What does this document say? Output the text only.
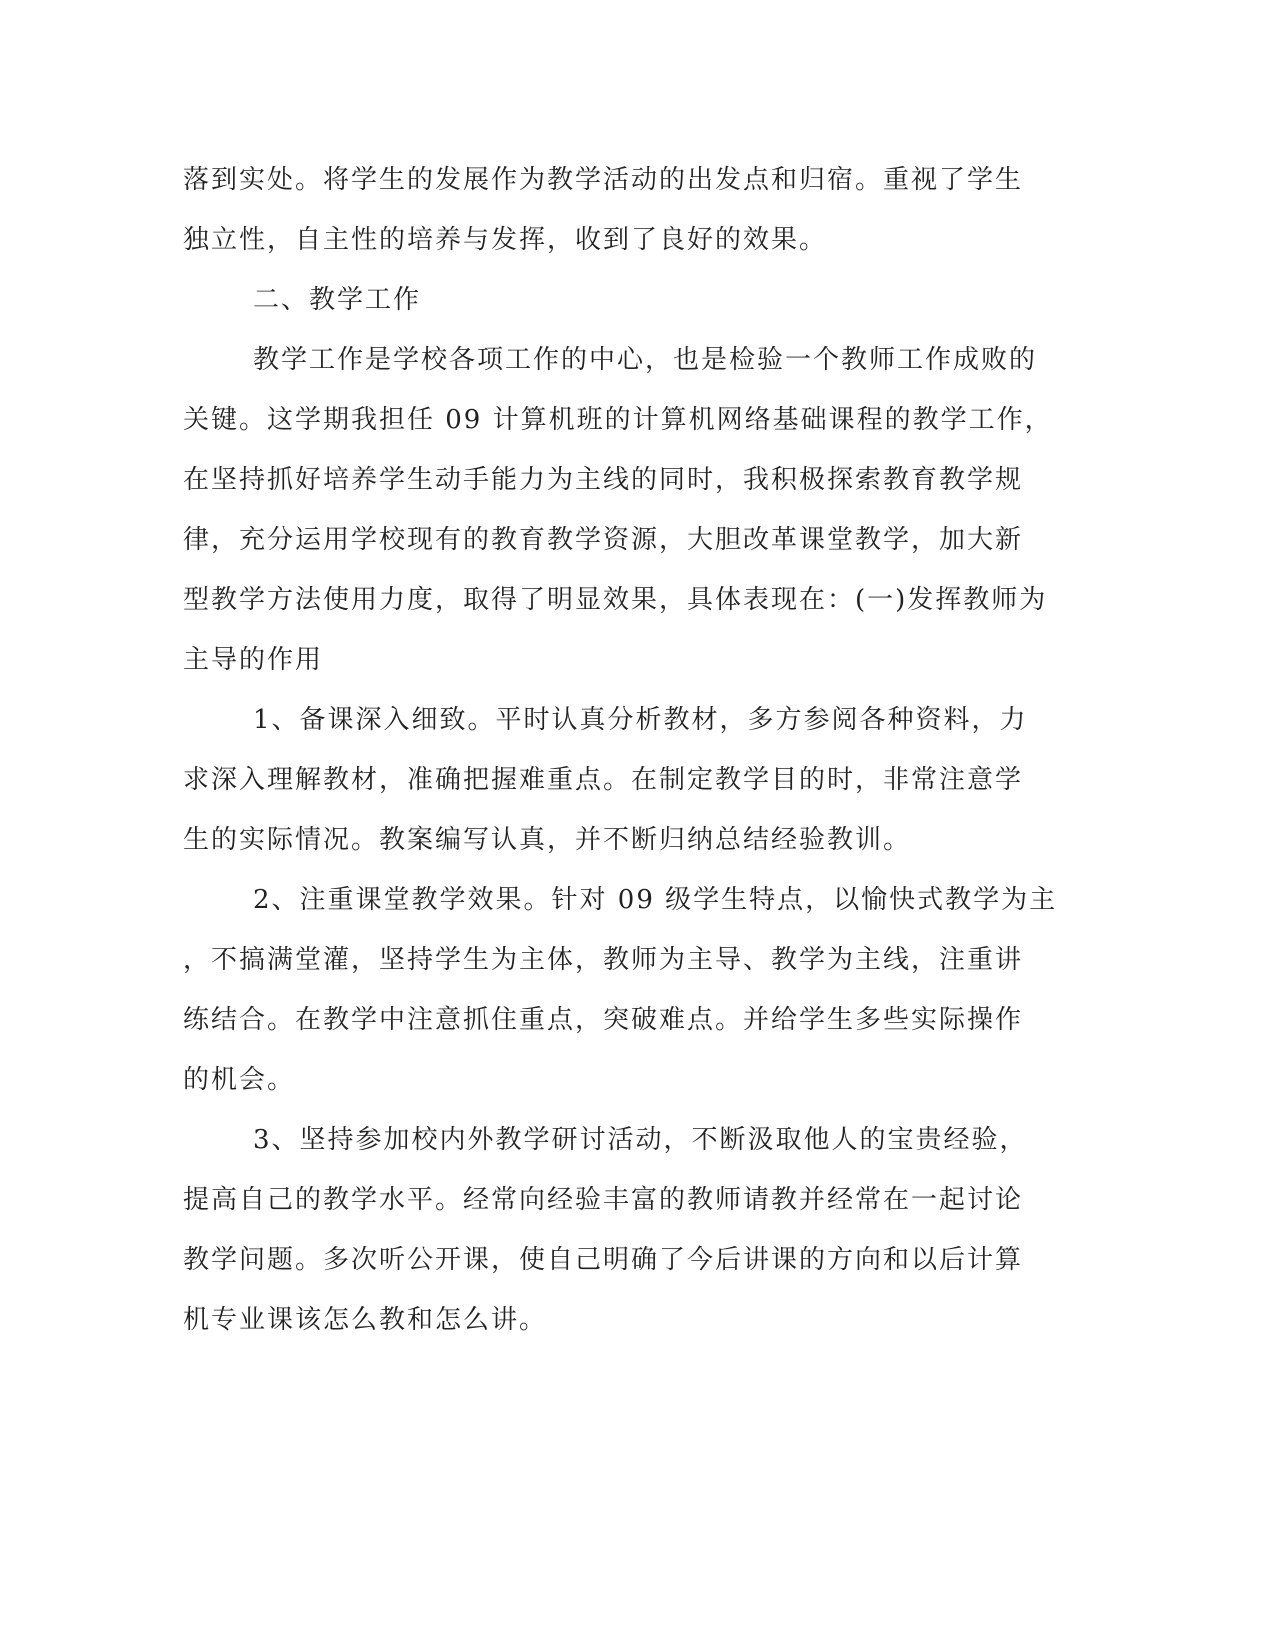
落到实处。将学生的发展作为教学活动的出发点和归宿。重视了学生
独立性，自主性的培养与发挥，收到了良好的效果。
二、教学工作
教学工作是学校各项工作的中心，也是检验一个教师工作成败的
关键。这学期我担任 09 计算机班的计算机网络基础课程的教学工作，
在坚持抓好培养学生动手能力为主线的同时，我积极探索教育教学规
律，充分运用学校现有的教育教学资源，大胆改革课堂教学，加大新
型教学方法使用力度，取得了明显效果，具体表现在：(一)发挥教师为
主导的作用
1、备课深入细致。平时认真分析教材，多方参阅各种资料，力
求深入理解教材，准确把握难重点。在制定教学目的时，非常注意学
生的实际情况。教案编写认真，并不断归纳总结经验教训。
2、注重课堂教学效果。针对 09 级学生特点，以愉快式教学为主
，不搞满堂灌，坚持学生为主体，教师为主导、教学为主线，注重讲
练结合。在教学中注意抓住重点，突破难点。并给学生多些实际操作
的机会。
3、坚持参加校内外教学研讨活动，不断汲取他人的宝贵经验，
提高自己的教学水平。经常向经验丰富的教师请教并经常在一起讨论
教学问题。多次听公开课，使自己明确了今后讲课的方向和以后计算
机专业课该怎么教和怎么讲。
